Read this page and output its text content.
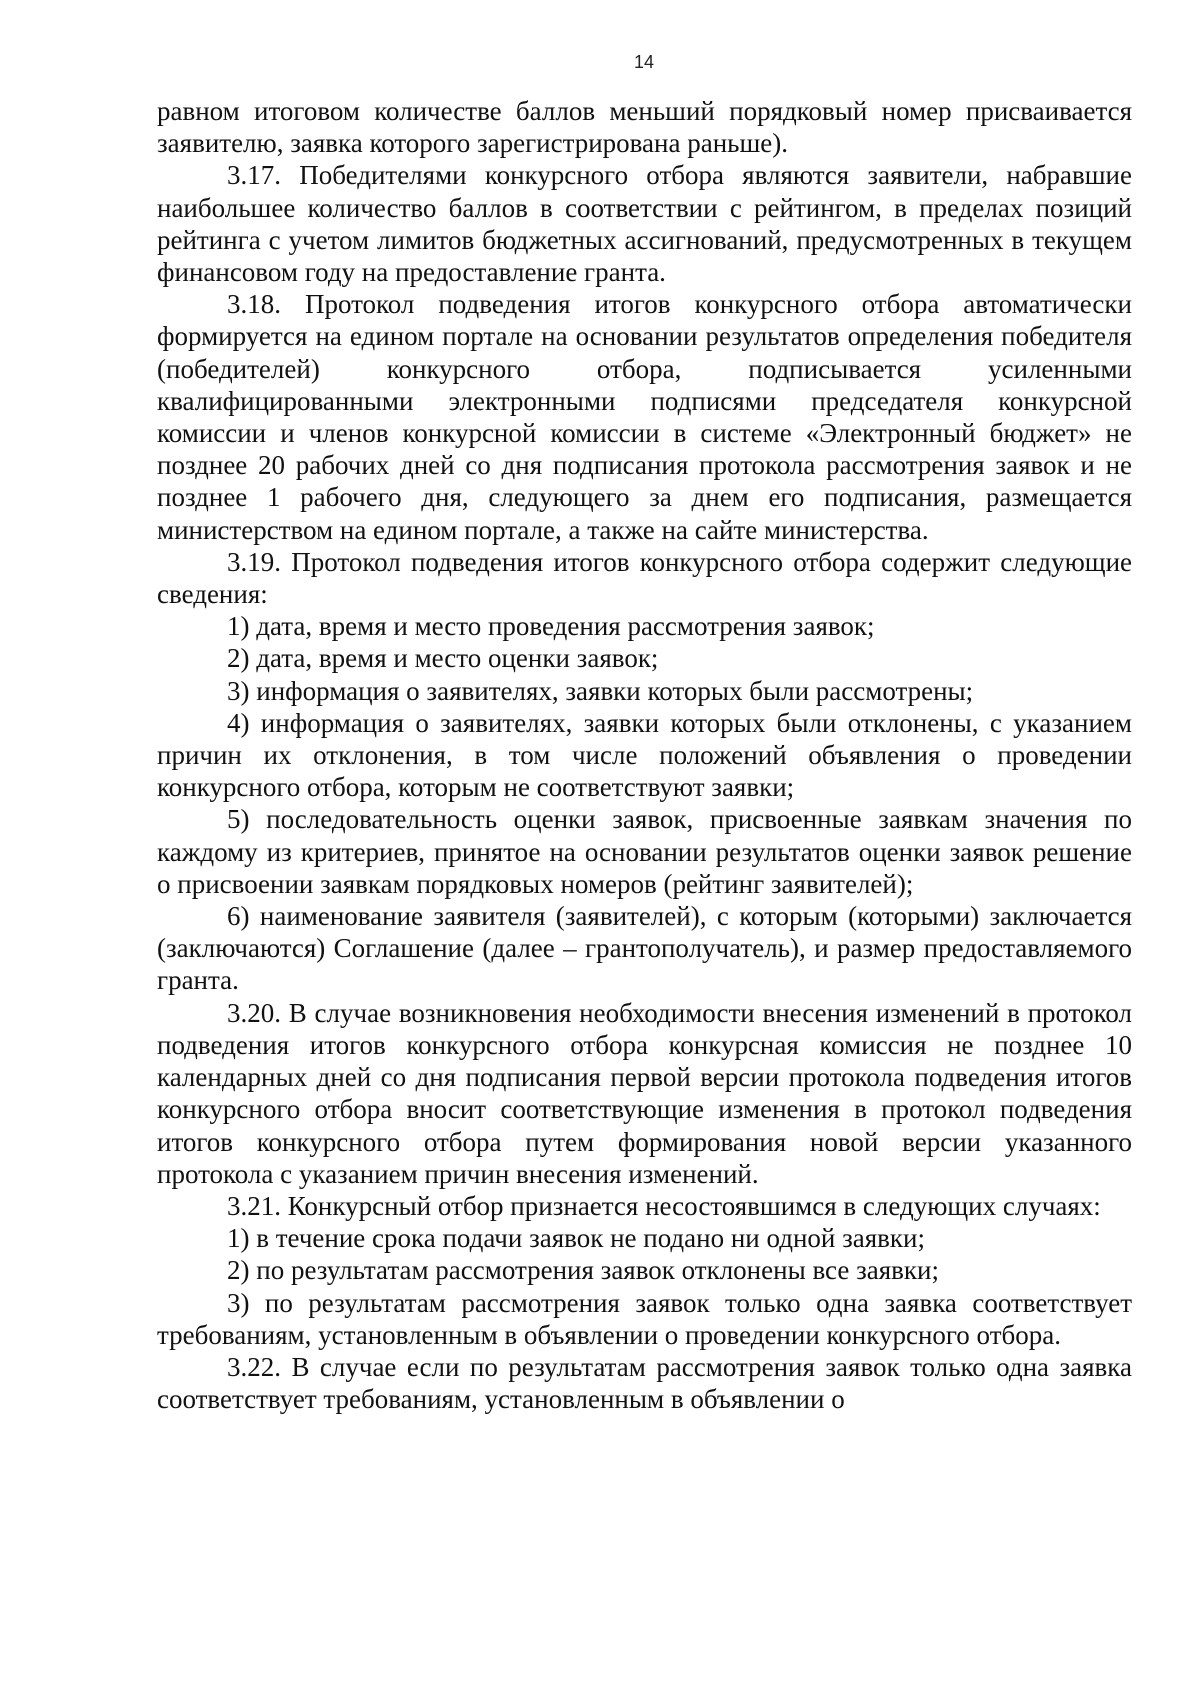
14

равном итоговом количестве баллов меньший порядковый номер присваивается заявителю, заявка которого зарегистрирована раньше).

3.17. Победителями конкурсного отбора являются заявители, набравшие наибольшее количество баллов в соответствии с рейтингом, в пределах позиций рейтинга с учетом лимитов бюджетных ассигнований, предусмотренных в текущем финансовом году на предоставление гранта.

3.18. Протокол подведения итогов конкурсного отбора автоматически формируется на едином портале на основании результатов определения победителя (победителей) конкурсного отбора, подписывается усиленными квалифицированными электронными подписями председателя конкурсной комиссии и членов конкурсной комиссии в системе «Электронный бюджет» не позднее 20 рабочих дней со дня подписания протокола рассмотрения заявок и не позднее 1 рабочего дня, следующего за днем его подписания, размещается министерством на едином портале, а также на сайте министерства.

3.19. Протокол подведения итогов конкурсного отбора содержит следующие сведения:

1) дата, время и место проведения рассмотрения заявок;

2) дата, время и место оценки заявок;

3) информация о заявителях, заявки которых были рассмотрены;

4) информация о заявителях, заявки которых были отклонены, с указанием причин их отклонения, в том числе положений объявления о проведении конкурсного отбора, которым не соответствуют заявки;

5) последовательность оценки заявок, присвоенные заявкам значения по каждому из критериев, принятое на основании результатов оценки заявок решение о присвоении заявкам порядковых номеров (рейтинг заявителей);

6) наименование заявителя (заявителей), с которым (которыми) заключается (заключаются) Соглашение (далее – грантополучатель), и размер предоставляемого гранта.

3.20. В случае возникновения необходимости внесения изменений в протокол подведения итогов конкурсного отбора конкурсная комиссия не позднее 10 календарных дней со дня подписания первой версии протокола подведения итогов конкурсного отбора вносит соответствующие изменения в протокол подведения итогов конкурсного отбора путем формирования новой версии указанного протокола с указанием причин внесения изменений.

3.21. Конкурсный отбор признается несостоявшимся в следующих случаях:

1) в течение срока подачи заявок не подано ни одной заявки;

2) по результатам рассмотрения заявок отклонены все заявки;

3) по результатам рассмотрения заявок только одна заявка соответствует требованиям, установленным в объявлении о проведении конкурсного отбора.

3.22. В случае если по результатам рассмотрения заявок только одна заявка соответствует требованиям, установленным в объявлении о
